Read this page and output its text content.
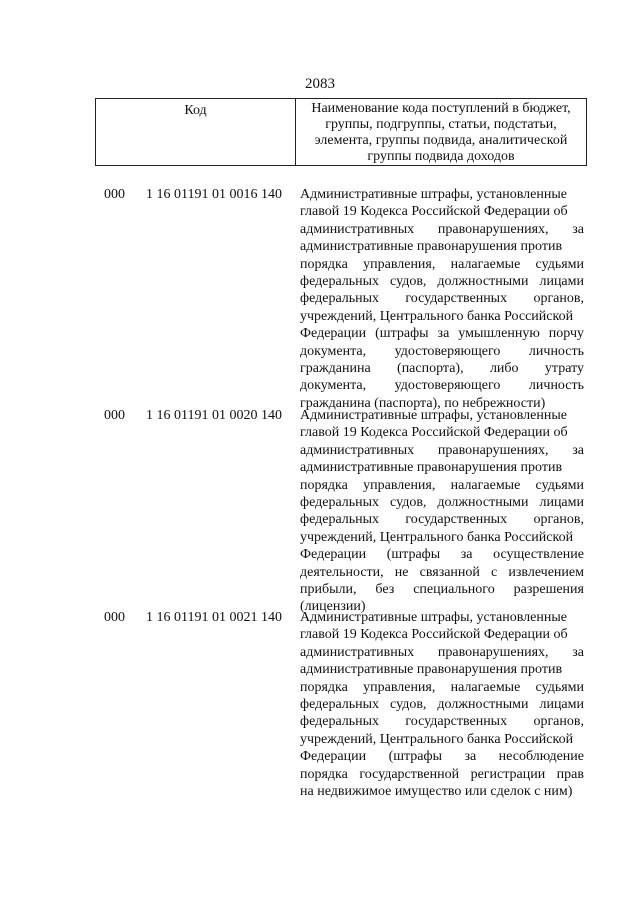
2083
Код	Наименование кода поступлений в бюджет, группы, подгруппы, статьи, подстатьи, элемента, группы подвида, аналитической группы подвида доходов
000 1 16 01191 01 0016 140 Административные штрафы, установленные
главой 19 Кодекса Российской Федерации об
административных правонарушениях, за
административные правонарушения против
порядка управления, налагаемые судьями
федеральных судов, должностными лицами
федеральных государственных органов,
учреждений, Центрального банка Российской
Федерации (штрафы за умышленную порчу
документа, удостоверяющего личность
гражданина (паспорта), либо утрату
документа, удостоверяющего личность
гражданина (паспорта), по небрежности)
000 1 16 01191 01 0020 140 Административные штрафы, установленные
главой 19 Кодекса Российской Федерации об
административных правонарушениях, за
административные правонарушения против
порядка управления, налагаемые судьями
федеральных судов, должностными лицами
федеральных государственных органов,
учреждений, Центрального банка Российской
Федерации (штрафы за осуществление
деятельности, не связанной с извлечением
прибыли, без специального разрешения
(лицензии)
000 1 16 01191 01 0021 140 Административные штрафы, установленные
главой 19 Кодекса Российской Федерации об
административных правонарушениях, за
административные правонарушения против
порядка управления, налагаемые судьями
федеральных судов, должностными лицами
федеральных государственных органов,
учреждений, Центрального банка Российской
Федерации (штрафы за несоблюдение
порядка государственной регистрации прав
на недвижимое имущество или сделок с ним)
